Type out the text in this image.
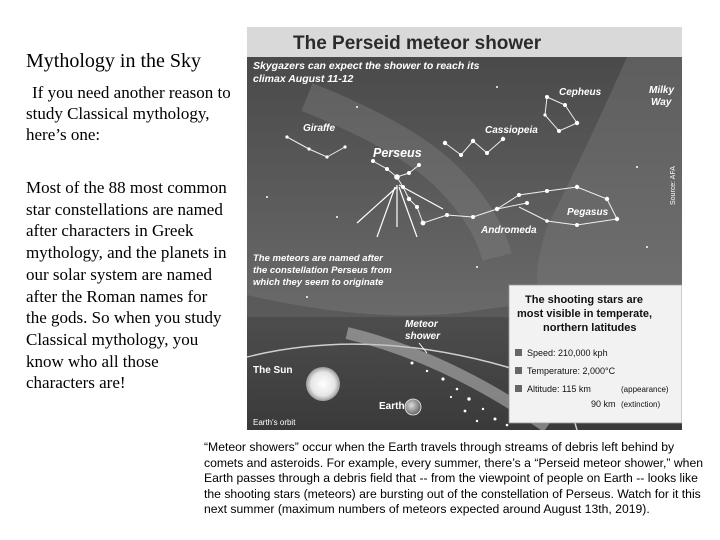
Mythology in the Sky
If you need another reason to study Classical mythology, here’s one:
Most of the 88 most common star constellations are named after characters in Greek mythology, and the planets in our solar system are named after the Roman names for the gods. So when you study Classical mythology, you know who all those characters are!
The Perseid meteor shower
Skygazers can expect the shower to reach its
climax August 11-12
Cepheus	Milky
Way
Giraffe	Cassiopeia
Perseus
Andromeda
Pegasus
Source: AFA
The meteors are named after
the constellation Perseus from
which they seem to originate
Meteor
shower
The Sun
Earth
Earth's orbit
The shooting stars are
most visible in temperate,
northern latitudes
Speed: 210,000 kph
Temperature: 2,000°C
Altitude: 115 km	(appearance)
90 km (extinction)
“Meteor showers” occur when the Earth travels through streams of debris left behind by comets and asteroids. For example, every summer, there’s a “Perseid meteor shower,” when Earth passes through a debris field that -- from the viewpoint of people on Earth -- looks like the shooting stars (meteors) are bursting out of the constellation of Perseus. Watch for it this next summer (maximum numbers of meteors expected around August 13th, 2019).
